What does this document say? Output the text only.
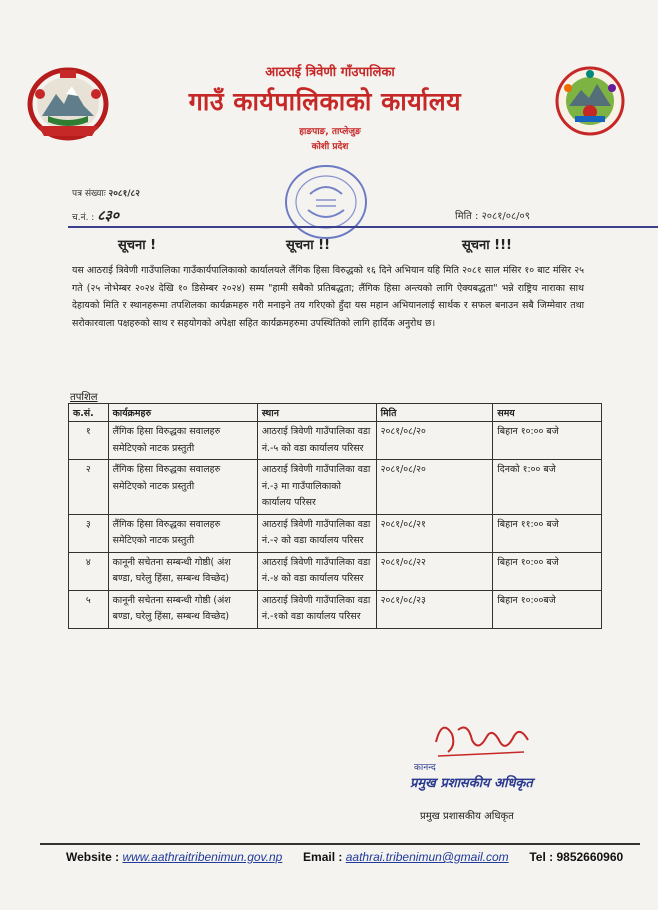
आठराई त्रिवेणी गाँउपालिका
गाउँ कार्यपालिकाको कार्यालय
हाङपाङ, ताप्लेजुङ
कोशी प्रदेश
पत्र संख्याः २०८१/८२
च.नं. : ८३०	मिति : २०८१/०८/०९
सूचना !	सूचना !!	सूचना !!!
यस आठराई त्रिवेणी गाउँपालिका गाउँकार्यपालिकाको कार्यालयले लैंगिक हिसा विरुद्धको १६ दिने अभियान यहि मिति २०८१ साल मंसिर १० बाट मंसिर २५ गते (२५ नोभेम्बर २०२४ देखि १० डिसेम्बर २०२४) सम्म "हामी सबैको प्रतिबद्धता; लैंगिक हिसा अन्त्यको लागि ऐक्यबद्धता" भन्ने राष्ट्रिय नाराका साथ देहायको मिति र स्थानहरूमा तपशिलका कार्यक्रमहरु गरी मनाइने तय गरिएको हुँदा यस महान अभियानलाई सार्थक र सफल बनाउन सबै जिम्मेवार तथा सरोकारवाला पक्षहरुको साथ र सहयोगको अपेक्षा सहित कार्यक्रमहरुमा उपस्थितिको लागि हार्दिक अनुरोध छ।
तपशिल
क.सं.	कार्यक्रमहरु	स्थान	मिति	समय
१	लैंगिक हिसा विरुद्धका सवालहरु समेटिएको नाटक प्रस्तुती	आठराई त्रिवेणी गाउँपालिका वडा नं.-५ को वडा कार्यालय परिसर	२०८१/०८/२०	बिहान १०:०० बजे
२	लैंगिक हिसा विरुद्धका सवालहरु समेटिएको नाटक प्रस्तुती	आठराई त्रिवेणी गाउँपालिका वडा नं.-३ मा गाउँपालिकाको कार्यालय परिसर	२०८१/०८/२०	दिनको १:०० बजे
३	लैंगिक हिसा विरुद्धका सवालहरु समेटिएको नाटक प्रस्तुती	आठराई त्रिवेणी गाउँपालिका वडा नं.-२ को वडा कार्यालय परिसर	२०८१/०८/२१	बिहान ११:०० बजे
४	कानूनी सचेतना सम्बन्धी गोष्ठी( अंश बण्डा, घरेलु हिंसा, सम्बन्ध विच्छेद)	आठराई त्रिवेणी गाउँपालिका वडा नं.-४ को वडा कार्यालय परिसर	२०८१/०८/२२	बिहान १०:०० बजे
५	कानूनी सचेतना सम्बन्धी गोष्ठी (अंश बण्डा, घरेलु हिंसा, सम्बन्ध विच्छेद)	आठराई त्रिवेणी गाउँपालिका वडा नं.-१को वडा कार्यालय परिसर	२०८१/०८/२३	बिहान १०:००बजे
कानन्द
प्रमुख प्रशासकीय अधिकृत
प्रमुख प्रशासकीय अधिकृत
Website : www.aathraitribenimun.gov.np Email : aathrai.tribenimun@gmail.com Tel : 9852660960
